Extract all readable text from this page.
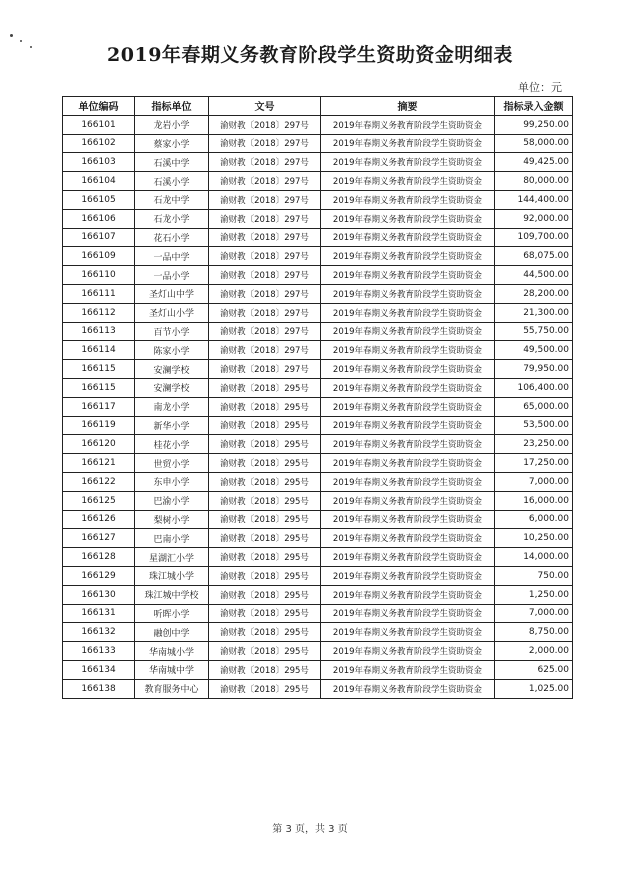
2019年春期义务教育阶段学生资助资金明细表
单位：元
单位编码	指标单位	文号	摘要	指标录入金额
166101	龙岩小学	渝财教〔2018〕297号	2019年春期义务教育阶段学生资助资金	99,250.00
166102	蔡家小学	渝财教〔2018〕297号	2019年春期义务教育阶段学生资助资金	58,000.00
166103	石溪中学	渝财教〔2018〕297号	2019年春期义务教育阶段学生资助资金	49,425.00
166104	石溪小学	渝财教〔2018〕297号	2019年春期义务教育阶段学生资助资金	80,000.00
166105	石龙中学	渝财教〔2018〕297号	2019年春期义务教育阶段学生资助资金	144,400.00
166106	石龙小学	渝财教〔2018〕297号	2019年春期义务教育阶段学生资助资金	92,000.00
166107	花石小学	渝财教〔2018〕297号	2019年春期义务教育阶段学生资助资金	109,700.00
166109	一品中学	渝财教〔2018〕297号	2019年春期义务教育阶段学生资助资金	68,075.00
166110	一品小学	渝财教〔2018〕297号	2019年春期义务教育阶段学生资助资金	44,500.00
166111	圣灯山中学	渝财教〔2018〕297号	2019年春期义务教育阶段学生资助资金	28,200.00
166112	圣灯山小学	渝财教〔2018〕297号	2019年春期义务教育阶段学生资助资金	21,300.00
166113	百节小学	渝财教〔2018〕297号	2019年春期义务教育阶段学生资助资金	55,750.00
166114	陈家小学	渝财教〔2018〕297号	2019年春期义务教育阶段学生资助资金	49,500.00
166115	安澜学校	渝财教〔2018〕297号	2019年春期义务教育阶段学生资助资金	79,950.00
166115	安澜学校	渝财教〔2018〕295号	2019年春期义务教育阶段学生资助资金	106,400.00
166117	南龙小学	渝财教〔2018〕295号	2019年春期义务教育阶段学生资助资金	65,000.00
166119	新华小学	渝财教〔2018〕295号	2019年春期义务教育阶段学生资助资金	53,500.00
166120	桂花小学	渝财教〔2018〕295号	2019年春期义务教育阶段学生资助资金	23,250.00
166121	世贸小学	渝财教〔2018〕295号	2019年春期义务教育阶段学生资助资金	17,250.00
166122	东申小学	渝财教〔2018〕295号	2019年春期义务教育阶段学生资助资金	7,000.00
166125	巴渝小学	渝财教〔2018〕295号	2019年春期义务教育阶段学生资助资金	16,000.00
166126	梨树小学	渝财教〔2018〕295号	2019年春期义务教育阶段学生资助资金	6,000.00
166127	巴南小学	渝财教〔2018〕295号	2019年春期义务教育阶段学生资助资金	10,250.00
166128	星湖汇小学	渝财教〔2018〕295号	2019年春期义务教育阶段学生资助资金	14,000.00
166129	珠江城小学	渝财教〔2018〕295号	2019年春期义务教育阶段学生资助资金	750.00
166130	珠江城中学校	渝财教〔2018〕295号	2019年春期义务教育阶段学生资助资金	1,250.00
166131	听晖小学	渝财教〔2018〕295号	2019年春期义务教育阶段学生资助资金	7,000.00
166132	融创中学	渝财教〔2018〕295号	2019年春期义务教育阶段学生资助资金	8,750.00
166133	华南城小学	渝财教〔2018〕295号	2019年春期义务教育阶段学生资助资金	2,000.00
166134	华南城中学	渝财教〔2018〕295号	2019年春期义务教育阶段学生资助资金	625.00
166138	教育服务中心	渝财教〔2018〕295号	2019年春期义务教育阶段学生资助资金	1,025.00
第 3 页，共 3 页
